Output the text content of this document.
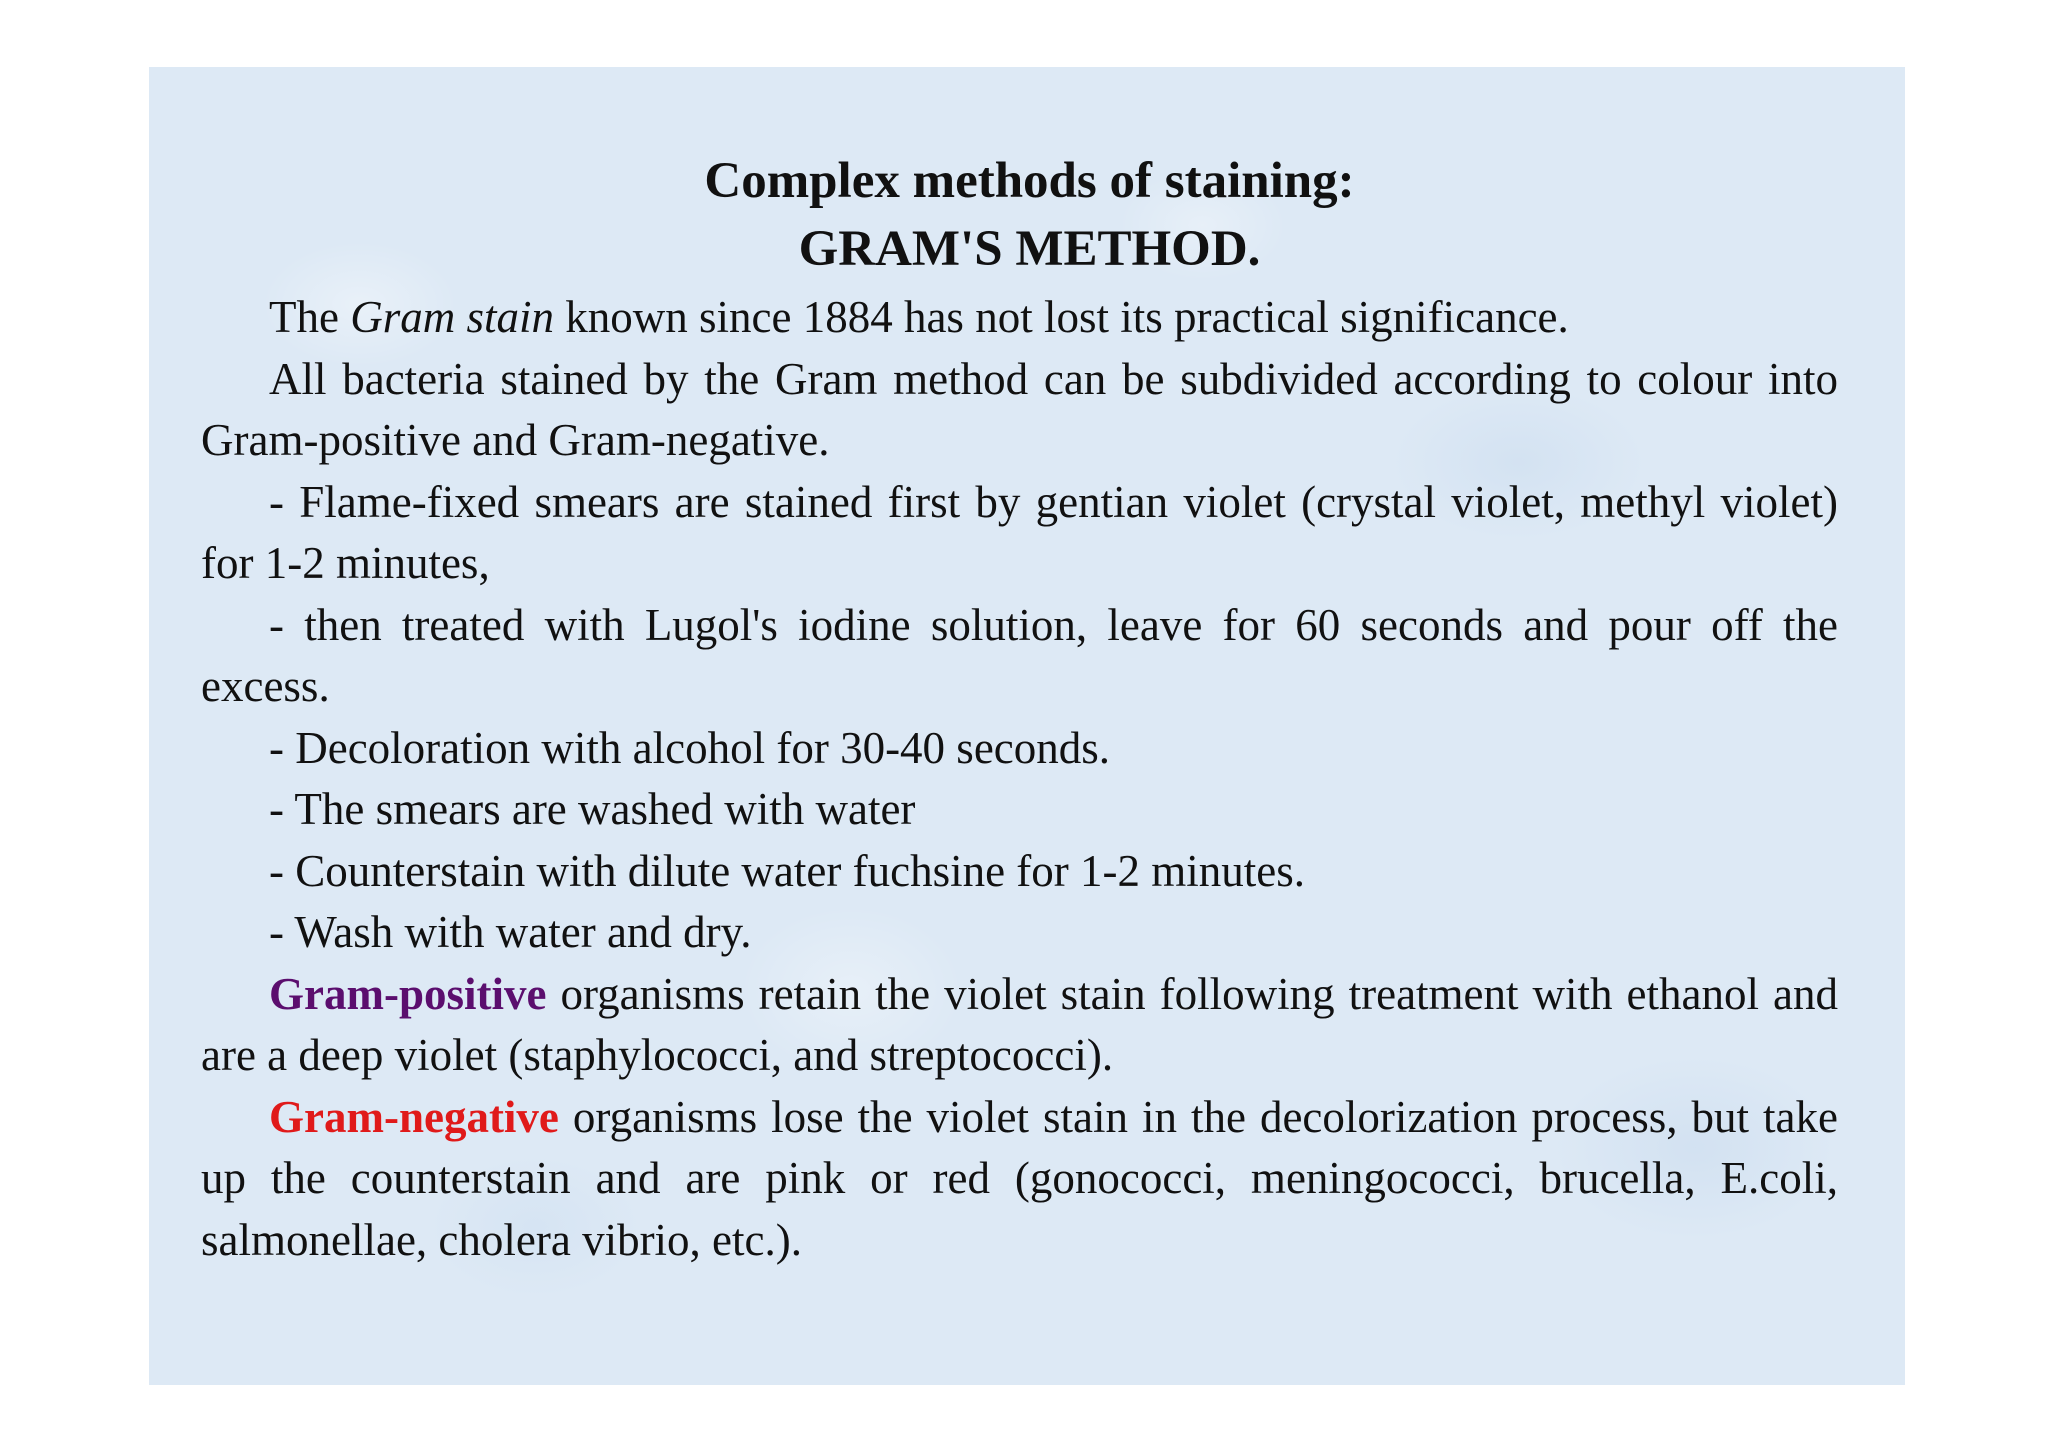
Complex methods of staining:
GRAM'S METHOD.

The Gram stain known since 1884 has not lost its practical significance.

All bacteria stained by the Gram method can be subdivided according to colour into Gram-positive and Gram-negative.

- Flame-fixed smears are stained first by gentian violet (crystal violet, methyl violet) for 1-2 minutes,

- then treated with Lugol's iodine solution, leave for 60 seconds and pour off the excess.

- Decoloration with alcohol for 30-40 seconds.

- The smears are washed with water

- Counterstain with dilute water fuchsine for 1-2 minutes.

- Wash with water and dry.

Gram-positive organisms retain the violet stain following treatment with ethanol and are a deep violet (staphylococci, and streptococci).

Gram-negative organisms lose the violet stain in the decolorization process, but take up the counterstain and are pink or red (gonococci, meningococci, brucella, E.coli, salmonellae, cholera vibrio, etc.).
